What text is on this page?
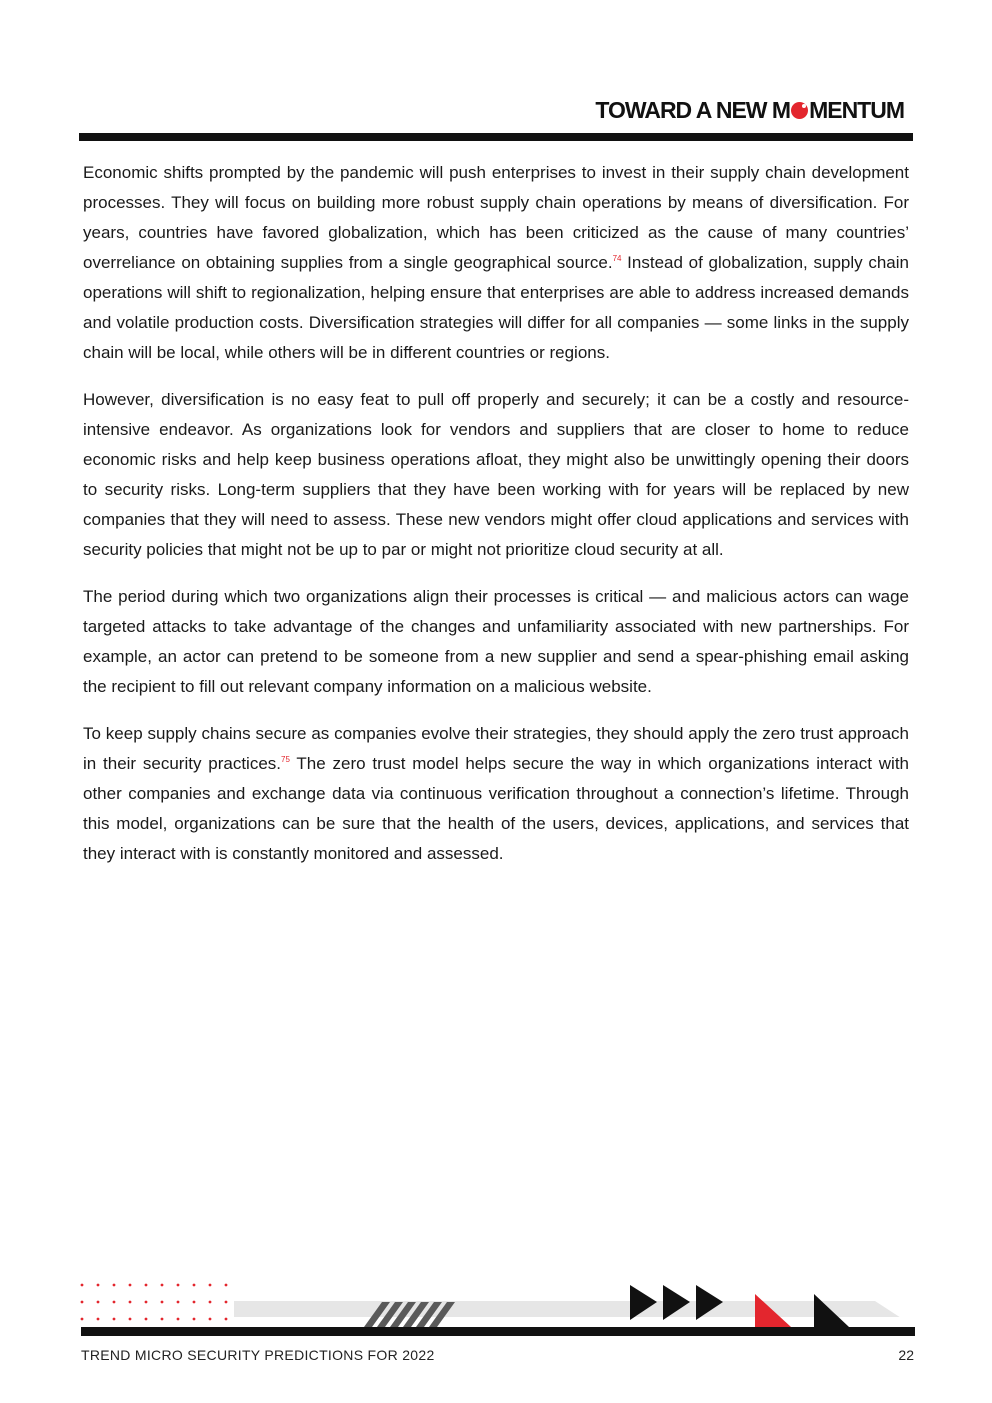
TOWARD A NEW M MENTUM

Economic shifts prompted by the pandemic will push enterprises to invest in their supply chain development processes. They will focus on building more robust supply chain operations by means of diversification. For years, countries have favored globalization, which has been criticized as the cause of many countries’ overreliance on obtaining supplies from a single geographical source.$^{74}$ Instead of globalization, supply chain operations will shift to regionalization, helping ensure that enterprises are able to address increased demands and volatile production costs. Diversification strategies will differ for all companies — some links in the supply chain will be local, while others will be in different countries or regions.

However, diversification is no easy feat to pull off properly and securely; it can be a costly and resource-intensive endeavor. As organizations look for vendors and suppliers that are closer to home to reduce economic risks and help keep business operations afloat, they might also be unwittingly opening their doors to security risks. Long-term suppliers that they have been working with for years will be replaced by new companies that they will need to assess. These new vendors might offer cloud applications and services with security policies that might not be up to par or might not prioritize cloud security at all.

The period during which two organizations align their processes is critical — and malicious actors can wage targeted attacks to take advantage of the changes and unfamiliarity associated with new partnerships. For example, an actor can pretend to be someone from a new supplier and send a spear-phishing email asking the recipient to fill out relevant company information on a malicious website.

To keep supply chains secure as companies evolve their strategies, they should apply the zero trust approach in their security practices.$^{75}$ The zero trust model helps secure the way in which organizations interact with other companies and exchange data via continuous verification throughout a connection’s lifetime. Through this model, organizations can be sure that the health of the users, devices, applications, and services that they interact with is constantly monitored and assessed.

TREND MICRO SECURITY PREDICTIONS FOR 2022	22
